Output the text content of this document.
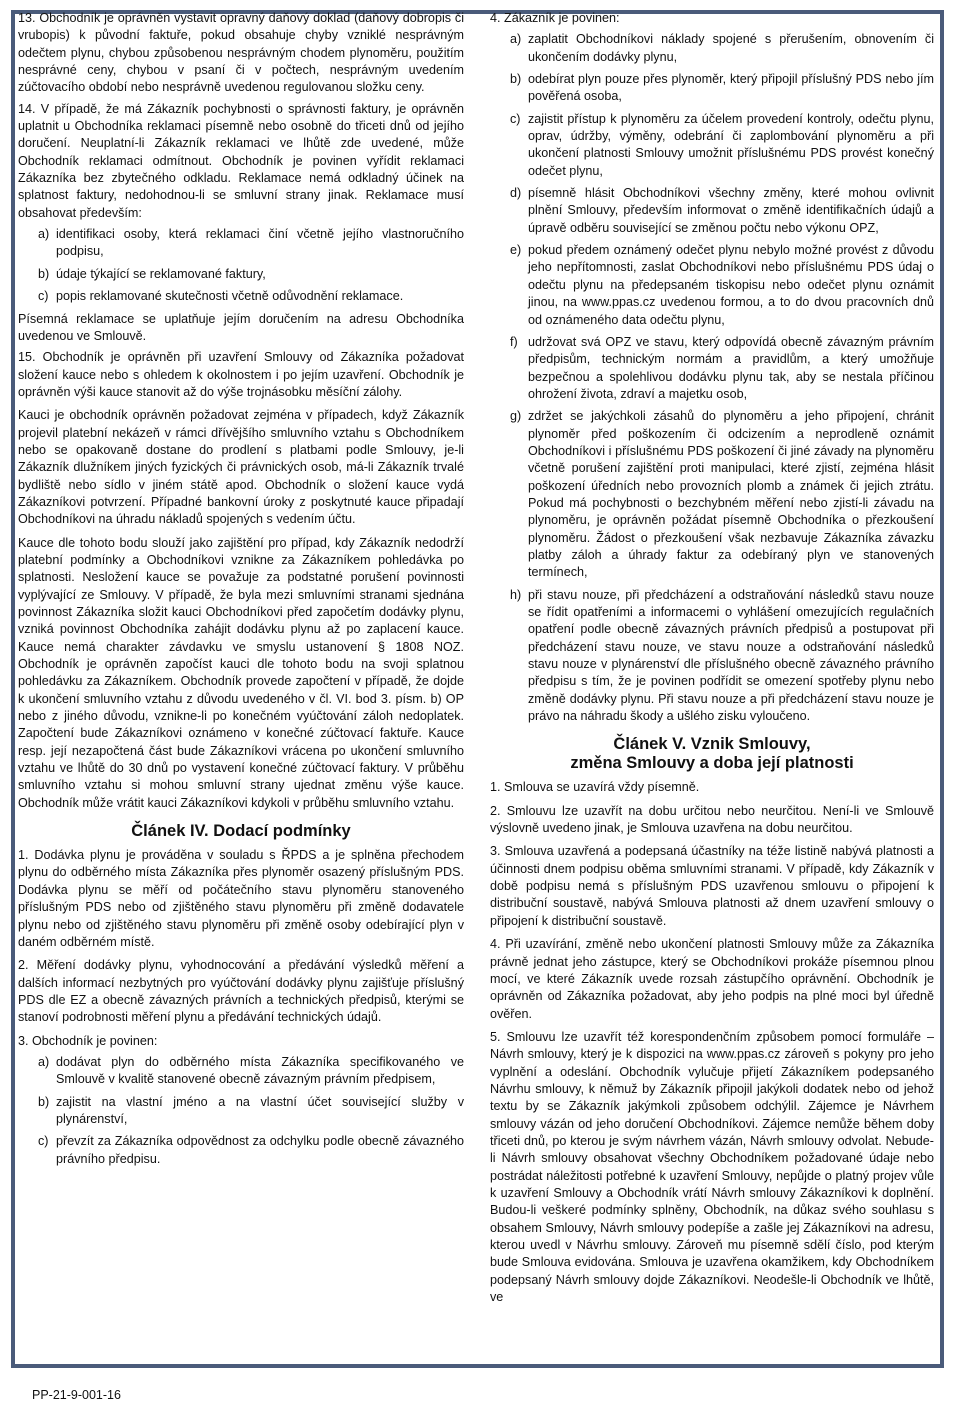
13. Obchodník je oprávněn vystavit opravný daňový doklad (daňový dobropis či vrubopis) k původní faktuře, pokud obsahuje chyby vzniklé nesprávným odečtem plynu, chybou způsobenou nesprávným chodem plynoměru, použitím nesprávné ceny, chybou v psaní či v počtech, nesprávným uvedením zúčtovacího období nebo nesprávně uvedenou regulovanou složku ceny.

14. V případě, že má Zákazník pochybnosti o správnosti faktury, je oprávněn uplatnit u Obchodníka reklamaci písemně nebo osobně do třiceti dnů od jejího doručení. Neuplatní-li Zákazník reklamaci ve lhůtě zde uvedené, může Obchodník reklamaci odmítnout. Obchodník je povinen vyřídit reklamaci Zákazníka bez zbytečného odkladu. Reklamace nemá odkladný účinek na splatnost faktury, nedohodnou-li se smluvní strany jinak. Reklamace musí obsahovat především:

a) identifikaci osoby, která reklamaci činí včetně jejího vlastnoručního podpisu,
b) údaje týkající se reklamované faktury,
c) popis reklamované skutečnosti včetně odůvodnění reklamace.

Písemná reklamace se uplatňuje jejím doručením na adresu Obchodníka uvedenou ve Smlouvě.

15. Obchodník je oprávněn při uzavření Smlouvy od Zákazníka požadovat složení kauce nebo s ohledem k okolnostem i po jejím uzavření. Obchodník je oprávněn výši kauce stanovit až do výše trojnásobku měsíční zálohy.

Kauci je obchodník oprávněn požadovat zejména v případech, když Zákazník projevil platební nekázeň v rámci dřívějšího smluvního vztahu s Obchodníkem nebo se opakovaně dostane do prodlení s platbami podle Smlouvy, je-li Zákazník dlužníkem jiných fyzických či právnických osob, má-li Zákazník trvalé bydliště nebo sídlo v jiném státě apod. Obchodník o složení kauce vydá Zákazníkovi potvrzení. Případné bankovní úroky z poskytnuté kauce připadají Obchodníkovi na úhradu nákladů spojených s vedením účtu.

Kauce dle tohoto bodu slouží jako zajištění pro případ, kdy Zákazník nedodrží platební podmínky a Obchodníkovi vznikne za Zákazníkem pohledávka po splatnosti. Nesložení kauce se považuje za podstatné porušení povinnosti vyplývající ze Smlouvy. V případě, že byla mezi smluvními stranami sjednána povinnost Zákazníka složit kauci Obchodníkovi před započetím dodávky plynu, vzniká povinnost Obchodníka zahájit dodávku plynu až po zaplacení kauce. Kauce nemá charakter závdavku ve smyslu ustanovení § 1808 NOZ. Obchodník je oprávněn započíst kauci dle tohoto bodu na svoji splatnou pohledávku za Zákazníkem. Obchodník provede započtení v případě, že dojde k ukončení smluvního vztahu z důvodu uvedeného v čl. VI. bod 3. písm. b) OP nebo z jiného důvodu, vznikne-li po konečném vyúčtování záloh nedoplatek. Započtení bude Zákazníkovi oznámeno v konečné zúčtovací faktuře. Kauce resp. její nezapočtená část bude Zákazníkovi vrácena po ukončení smluvního vztahu ve lhůtě do 30 dnů po vystavení konečné zúčtovací faktury. V průběhu smluvního vztahu si mohou smluvní strany ujednat změnu výše kauce. Obchodník může vrátit kauci Zákazníkovi kdykoli v průběhu smluvního vztahu.

Článek IV. Dodací podmínky

1. Dodávka plynu je prováděna v souladu s ŘPDS a je splněna přechodem plynu do odběrného místa Zákazníka přes plynoměr osazený příslušným PDS. Dodávka plynu se měří od počátečního stavu plynoměru stanoveného příslušným PDS nebo od zjištěného stavu plynoměru při změně dodavatele plynu nebo od zjištěného stavu plynoměru při změně osoby odebírající plyn v daném odběrném místě.

2. Měření dodávky plynu, vyhodnocování a předávání výsledků měření a dalších informací nezbytných pro vyúčtování dodávky plynu zajišťuje příslušný PDS dle EZ a obecně závazných právních a technických předpisů, kterými se stanoví podrobnosti měření plynu a předávání technických údajů.

3. Obchodník je povinen:

a) dodávat plyn do odběrného místa Zákazníka specifikovaného ve Smlouvě v kvalitě stanovené obecně závazným právním předpisem,
b) zajistit na vlastní jméno a na vlastní účet související služby v plynárenství,
c) převzít za Zákazníka odpovědnost za odchylku podle obecně závazného právního předpisu.

4. Zákazník je povinen:

a) zaplatit Obchodníkovi náklady spojené s přerušením, obnovením či ukončením dodávky plynu,
b) odebírat plyn pouze přes plynoměr, který připojil příslušný PDS nebo jím pověřená osoba,
c) zajistit přístup k plynoměru za účelem provedení kontroly, odečtu plynu, oprav, údržby, výměny, odebrání či zaplombování plynoměru a při ukončení platnosti Smlouvy umožnit příslušnému PDS provést konečný odečet plynu,
d) písemně hlásit Obchodníkovi všechny změny, které mohou ovlivnit plnění Smlouvy, především informovat o změně identifikačních údajů a úpravě odběru související se změnou počtu nebo výkonu OPZ,
e) pokud předem oznámený odečet plynu nebylo možné provést z důvodu jeho nepřítomnosti, zaslat Obchodníkovi nebo příslušnému PDS údaj o odečtu plynu na předepsaném tiskopisu nebo odečet plynu oznámit jinou, na www.ppas.cz uvedenou formou, a to do dvou pracovních dnů od oznámeného data odečtu plynu,
f) udržovat svá OPZ ve stavu, který odpovídá obecně závazným právním předpisům, technickým normám a pravidlům, a který umožňuje bezpečnou a spolehlivou dodávku plynu tak, aby se nestala příčinou ohrožení života, zdraví a majetku osob,
g) zdržet se jakýchkoli zásahů do plynoměru a jeho připojení, chránit plynoměr před poškozením či odcizením a neprodleně oznámit Obchodníkovi i příslušnému PDS poškození či jiné závady na plynoměru včetně porušení zajištění proti manipulaci, které zjistí, zejména hlásit poškození úředních nebo provozních plomb a známek či jejich ztrátu. Pokud má pochybnosti o bezchybném měření nebo zjistí-li závadu na plynoměru, je oprávněn požádat písemně Obchodníka o přezkoušení plynoměru. Žádost o přezkoušení však nezbavuje Zákazníka závazku platby záloh a úhrady faktur za odebíraný plyn ve stanovených termínech,
h) při stavu nouze, při předcházení a odstraňování následků stavu nouze se řídit opatřeními a informacemi o vyhlášení omezujících regulačních opatření podle obecně závazných právních předpisů a postupovat při předcházení stavu nouze, ve stavu nouze a odstraňování následků stavu nouze v plynárenství dle příslušného obecně závazného právního předpisu s tím, že je povinen podřídit se omezení spotřeby plynu nebo změně dodávky plynu. Při stavu nouze a při předcházení stavu nouze je právo na náhradu škody a ušlého zisku vyloučeno.
Článek V. Vznik Smlouvy,
změna Smlouvy a doba její platnosti

1. Smlouva se uzavírá vždy písemně.

2. Smlouvu lze uzavřít na dobu určitou nebo neurčitou. Není-li ve Smlouvě výslovně uvedeno jinak, je Smlouva uzavřena na dobu neurčitou.

3. Smlouva uzavřená a podepsaná účastníky na téže listině nabývá platnosti a účinnosti dnem podpisu oběma smluvními stranami. V případě, kdy Zákazník v době podpisu nemá s příslušným PDS uzavřenou smlouvu o připojení k distribuční soustavě, nabývá Smlouva platnosti až dnem uzavření smlouvy o připojení k distribuční soustavě.

4. Při uzavírání, změně nebo ukončení platnosti Smlouvy může za Zákazníka právně jednat jeho zástupce, který se Obchodníkovi prokáže písemnou plnou mocí, ve které Zákazník uvede rozsah zástupčího oprávnění. Obchodník je oprávněn od Zákazníka požadovat, aby jeho podpis na plné moci byl úředně ověřen.

5. Smlouvu lze uzavřít též korespondenčním způsobem pomocí formuláře – Návrh smlouvy, který je k dispozici na www.ppas.cz zároveň s pokyny pro jeho vyplnění a odeslání. Obchodník vylučuje přijetí Zákazníkem podepsaného Návrhu smlouvy, k němuž by Zákazník připojil jakýkoli dodatek nebo od jehož textu by se Zákazník jakýmkoli způsobem odchýlil. Zájemce je Návrhem smlouvy vázán od jeho doručení Obchodníkovi. Zájemce nemůže během doby třiceti dnů, po kterou je svým návrhem vázán, Návrh smlouvy odvolat. Nebude-li Návrh smlouvy obsahovat všechny Obchodníkem požadované údaje nebo postrádat náležitosti potřebné k uzavření Smlouvy, nepůjde o platný projev vůle k uzavření Smlouvy a Obchodník vrátí Návrh smlouvy Zákazníkovi k doplnění. Budou-li veškeré podmínky splněny, Obchodník, na důkaz svého souhlasu s obsahem Smlouvy, Návrh smlouvy podepíše a zašle jej Zákazníkovi na adresu, kterou uvedl v Návrhu smlouvy. Zároveň mu písemně sdělí číslo, pod kterým bude Smlouva evidována. Smlouva je uzavřena okamžikem, kdy Obchodníkem podepsaný Návrh smlouvy dojde Zákazníkovi. Neodešle-li Obchodník ve lhůtě, ve

PP-21-9-001-16
